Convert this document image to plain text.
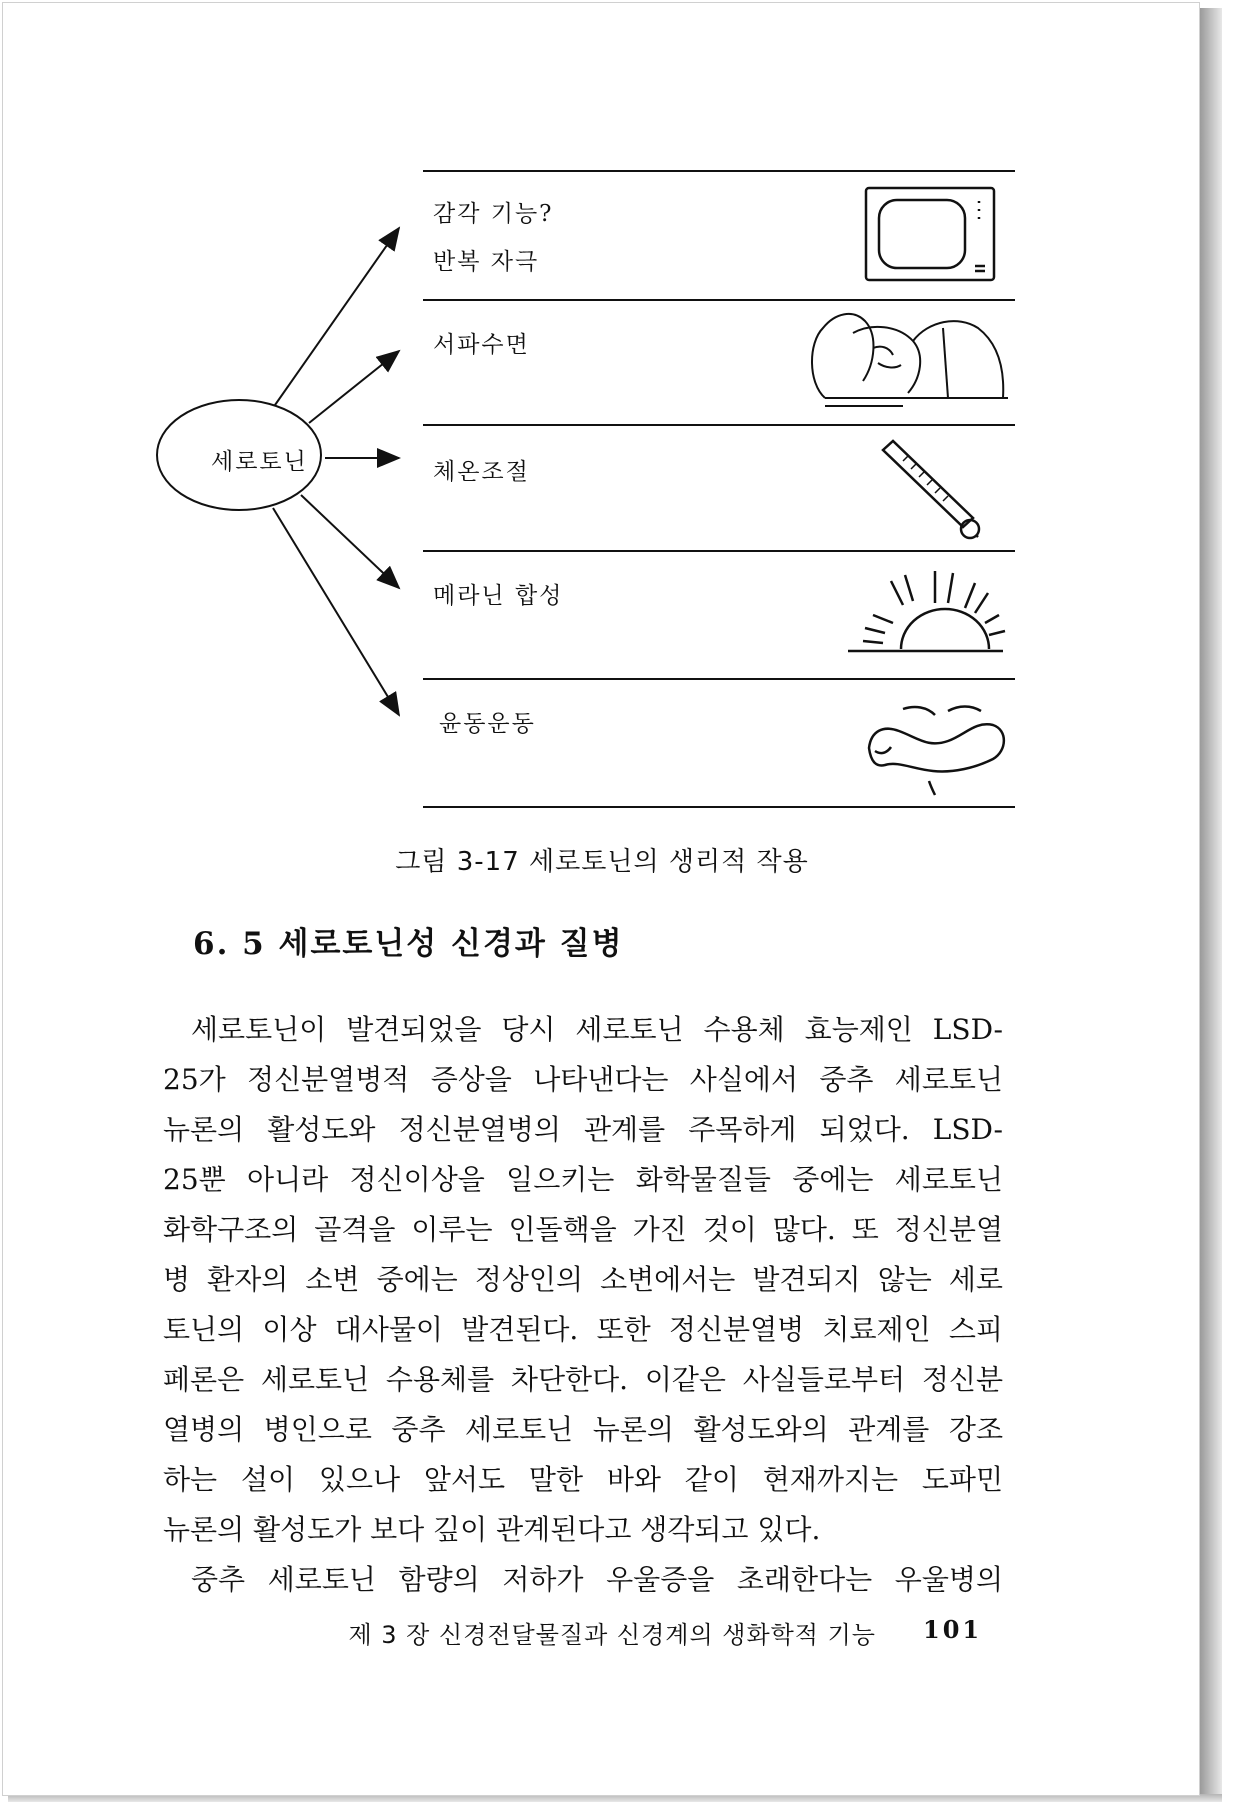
세로토닌
감각 기능?
반복 자극
서파수면
체온조절
메라닌 합성
윤동운동
그림 3-17 세로토닌의 생리적 작용
6. 5 세로토닌성 신경과 질병
세로토닌이 발견되었을 당시 세로토닌 수용체 효능제인 LSD-
25가 정신분열병적 증상을 나타낸다는 사실에서 중추 세로토닌
뉴론의 활성도와 정신분열병의 관계를 주목하게 되었다. LSD-
25뿐 아니라 정신이상을 일으키는 화학물질들 중에는 세로토닌
화학구조의 골격을 이루는 인돌핵을 가진 것이 많다. 또 정신분열
병 환자의 소변 중에는 정상인의 소변에서는 발견되지 않는 세로
토닌의 이상 대사물이 발견된다. 또한 정신분열병 치료제인 스피
페론은 세로토닌 수용체를 차단한다. 이같은 사실들로부터 정신분
열병의 병인으로 중추 세로토닌 뉴론의 활성도와의 관계를 강조
하는 설이 있으나 앞서도 말한 바와 같이 현재까지는 도파민
뉴론의 활성도가 보다 깊이 관계된다고 생각되고 있다.
중추 세로토닌 함량의 저하가 우울증을 초래한다는 우울병의
제 3 장 신경전달물질과 신경계의 생화학적 기능 101
